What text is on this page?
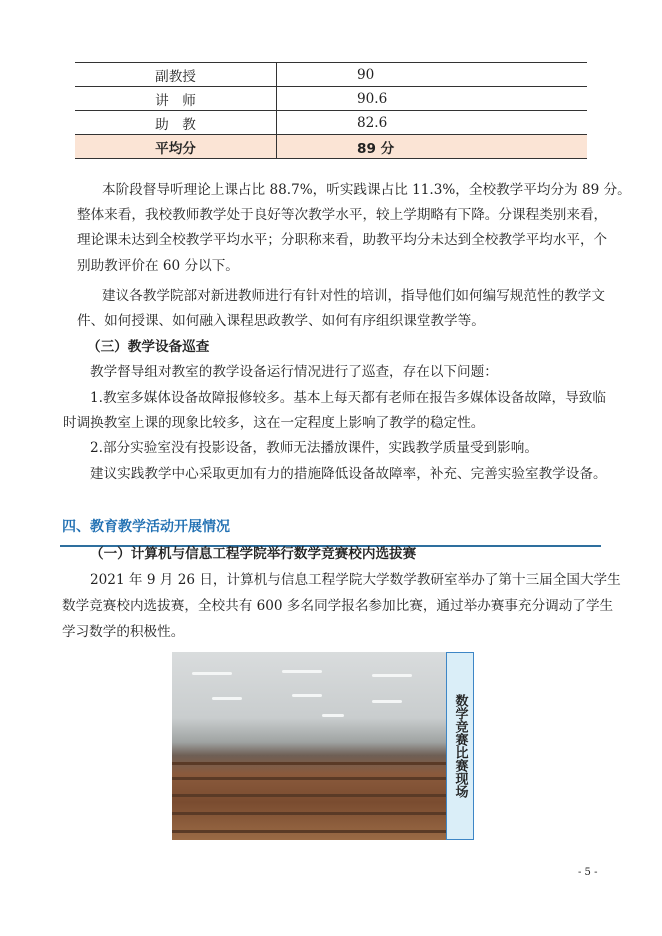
副教授	90
讲　师	90.6
助　教	82.6
平均分	89 分
本阶段督导听理论上课占比 88.7%，听实践课占比 11.3%，全校教学平均分为 89 分。
整体来看，我校教师教学处于良好等次教学水平，较上学期略有下降。分课程类别来看，
理论课未达到全校教学平均水平；分职称来看，助教平均分未达到全校教学平均水平，个
别助教评价在 60 分以下。
建议各教学院部对新进教师进行有针对性的培训，指导他们如何编写规范性的教学文
件、如何授课、如何融入课程思政教学、如何有序组织课堂教学等。
（三）教学设备巡查
教学督导组对教室的教学设备运行情况进行了巡查，存在以下问题：
1.教室多媒体设备故障报修较多。基本上每天都有老师在报告多媒体设备故障，导致临
时调换教室上课的现象比较多，这在一定程度上影响了教学的稳定性。
2.部分实验室没有投影设备，教师无法播放课件，实践教学质量受到影响。
建议实践教学中心采取更加有力的措施降低设备故障率，补充、完善实验室教学设备。
四、教育教学活动开展情况
（一）计算机与信息工程学院举行数学竞赛校内选拔赛
2021 年 9 月 26 日，计算机与信息工程学院大学数学教研室举办了第十三届全国大学生
数学竞赛校内选拔赛，全校共有 600 多名同学报名参加比赛，通过举办赛事充分调动了学生
学习数学的积极性。
数学竞赛比赛现场
- 5 -
